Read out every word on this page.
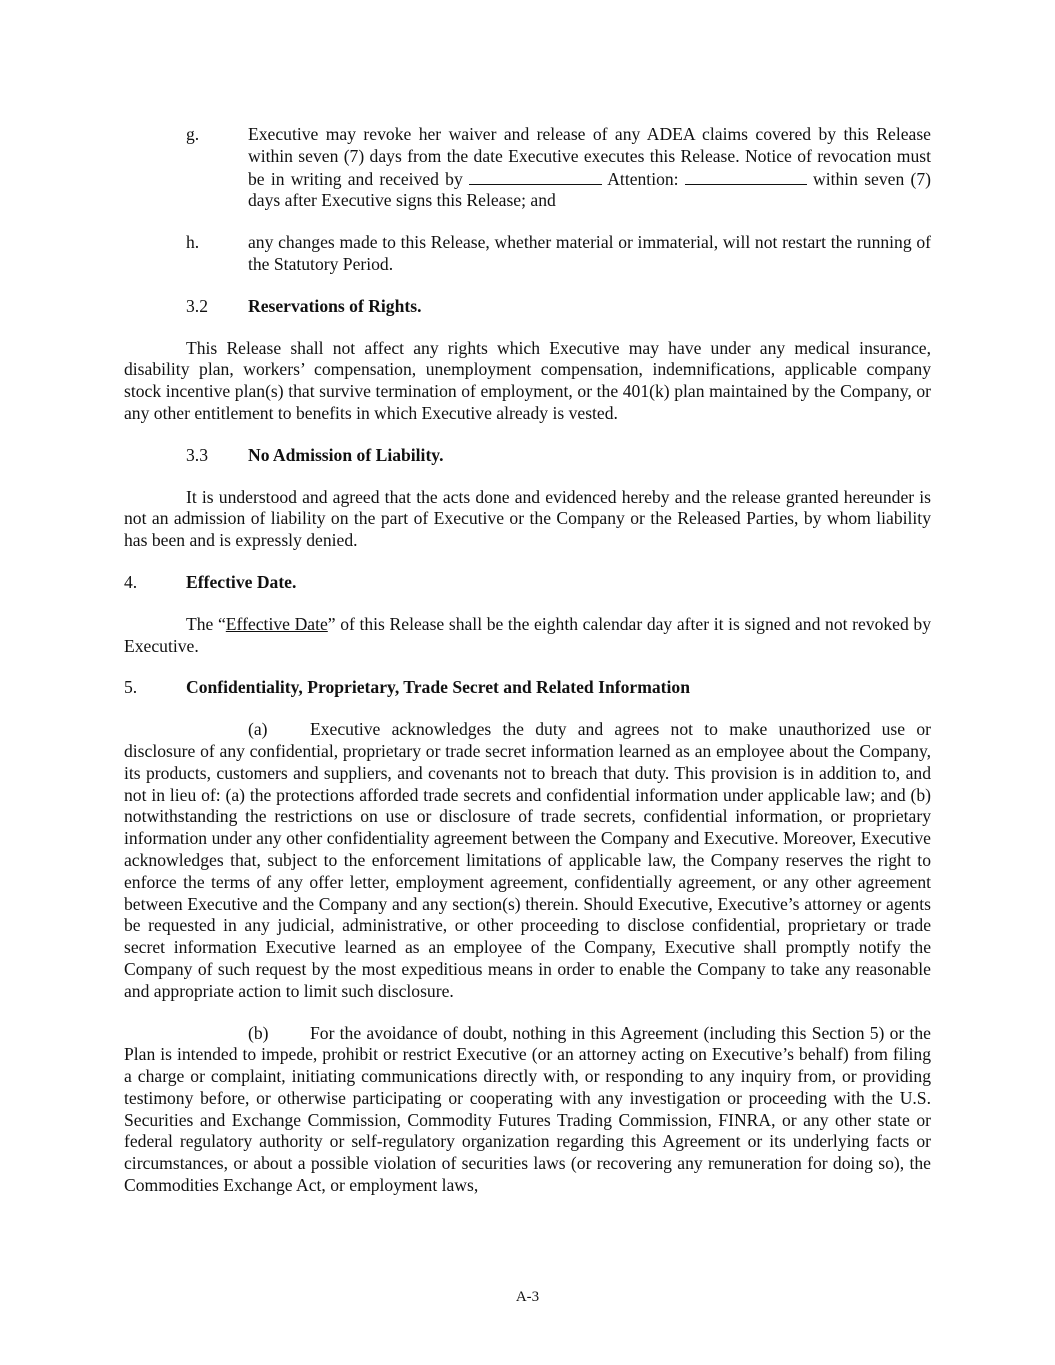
g.	Executive may revoke her waiver and release of any ADEA claims covered by this Release within seven (7) days from the date Executive executes this Release. Notice of revocation must be in writing and received by	Attention:	within seven (7) days after Executive signs this Release; and

h.	any changes made to this Release, whether material or immaterial, will not restart the running of the Statutory Period.

3.2 Reservations of Rights.

This Release shall not affect any rights which Executive may have under any medical insurance, disability plan, workers’ compensation, unemployment compensation, indemnifications, applicable company stock incentive plan(s) that survive termination of employment, or the 401(k) plan maintained by the Company, or any other entitlement to benefits in which Executive already is vested.

3.3 No Admission of Liability.

It is understood and agreed that the acts done and evidenced hereby and the release granted hereunder is not an admission of liability on the part of Executive or the Company or the Released Parties, by whom liability has been and is expressly denied.

4.	Effective Date.

The “Effective Date” of this Release shall be the eighth calendar day after it is signed and not revoked by Executive.

5.	Confidentiality, Proprietary, Trade Secret and Related Information

(a) Executive acknowledges the duty and agrees not to make unauthorized use or disclosure of any confidential, proprietary or trade secret information learned as an employee about the Company, its products, customers and suppliers, and covenants not to breach that duty. This provision is in addition to, and not in lieu of: (a) the protections afforded trade secrets and confidential information under applicable law; and (b) notwithstanding the restrictions on use or disclosure of trade secrets, confidential information, or proprietary information under any other confidentiality agreement between the Company and Executive. Moreover, Executive acknowledges that, subject to the enforcement limitations of applicable law, the Company reserves the right to enforce the terms of any offer letter, employment agreement, confidentially agreement, or any other agreement between Executive and the Company and any section(s) therein. Should Executive, Executive’s attorney or agents be requested in any judicial, administrative, or other proceeding to disclose confidential, proprietary or trade secret information Executive learned as an employee of the Company, Executive shall promptly notify the Company of such request by the most expeditious means in order to enable the Company to take any reasonable and appropriate action to limit such disclosure.

(b) For the avoidance of doubt, nothing in this Agreement (including this Section 5) or the Plan is intended to impede, prohibit or restrict Executive (or an attorney acting on Executive’s behalf) from filing a charge or complaint, initiating communications directly with, or responding to any inquiry from, or providing testimony before, or otherwise participating or cooperating with any investigation or proceeding with the U.S. Securities and Exchange Commission, Commodity Futures Trading Commission, FINRA, or any other state or federal regulatory authority or self-regulatory organization regarding this Agreement or its underlying facts or circumstances, or about a possible violation of securities laws (or recovering any remuneration for doing so), the Commodities Exchange Act, or employment laws,

A-3
